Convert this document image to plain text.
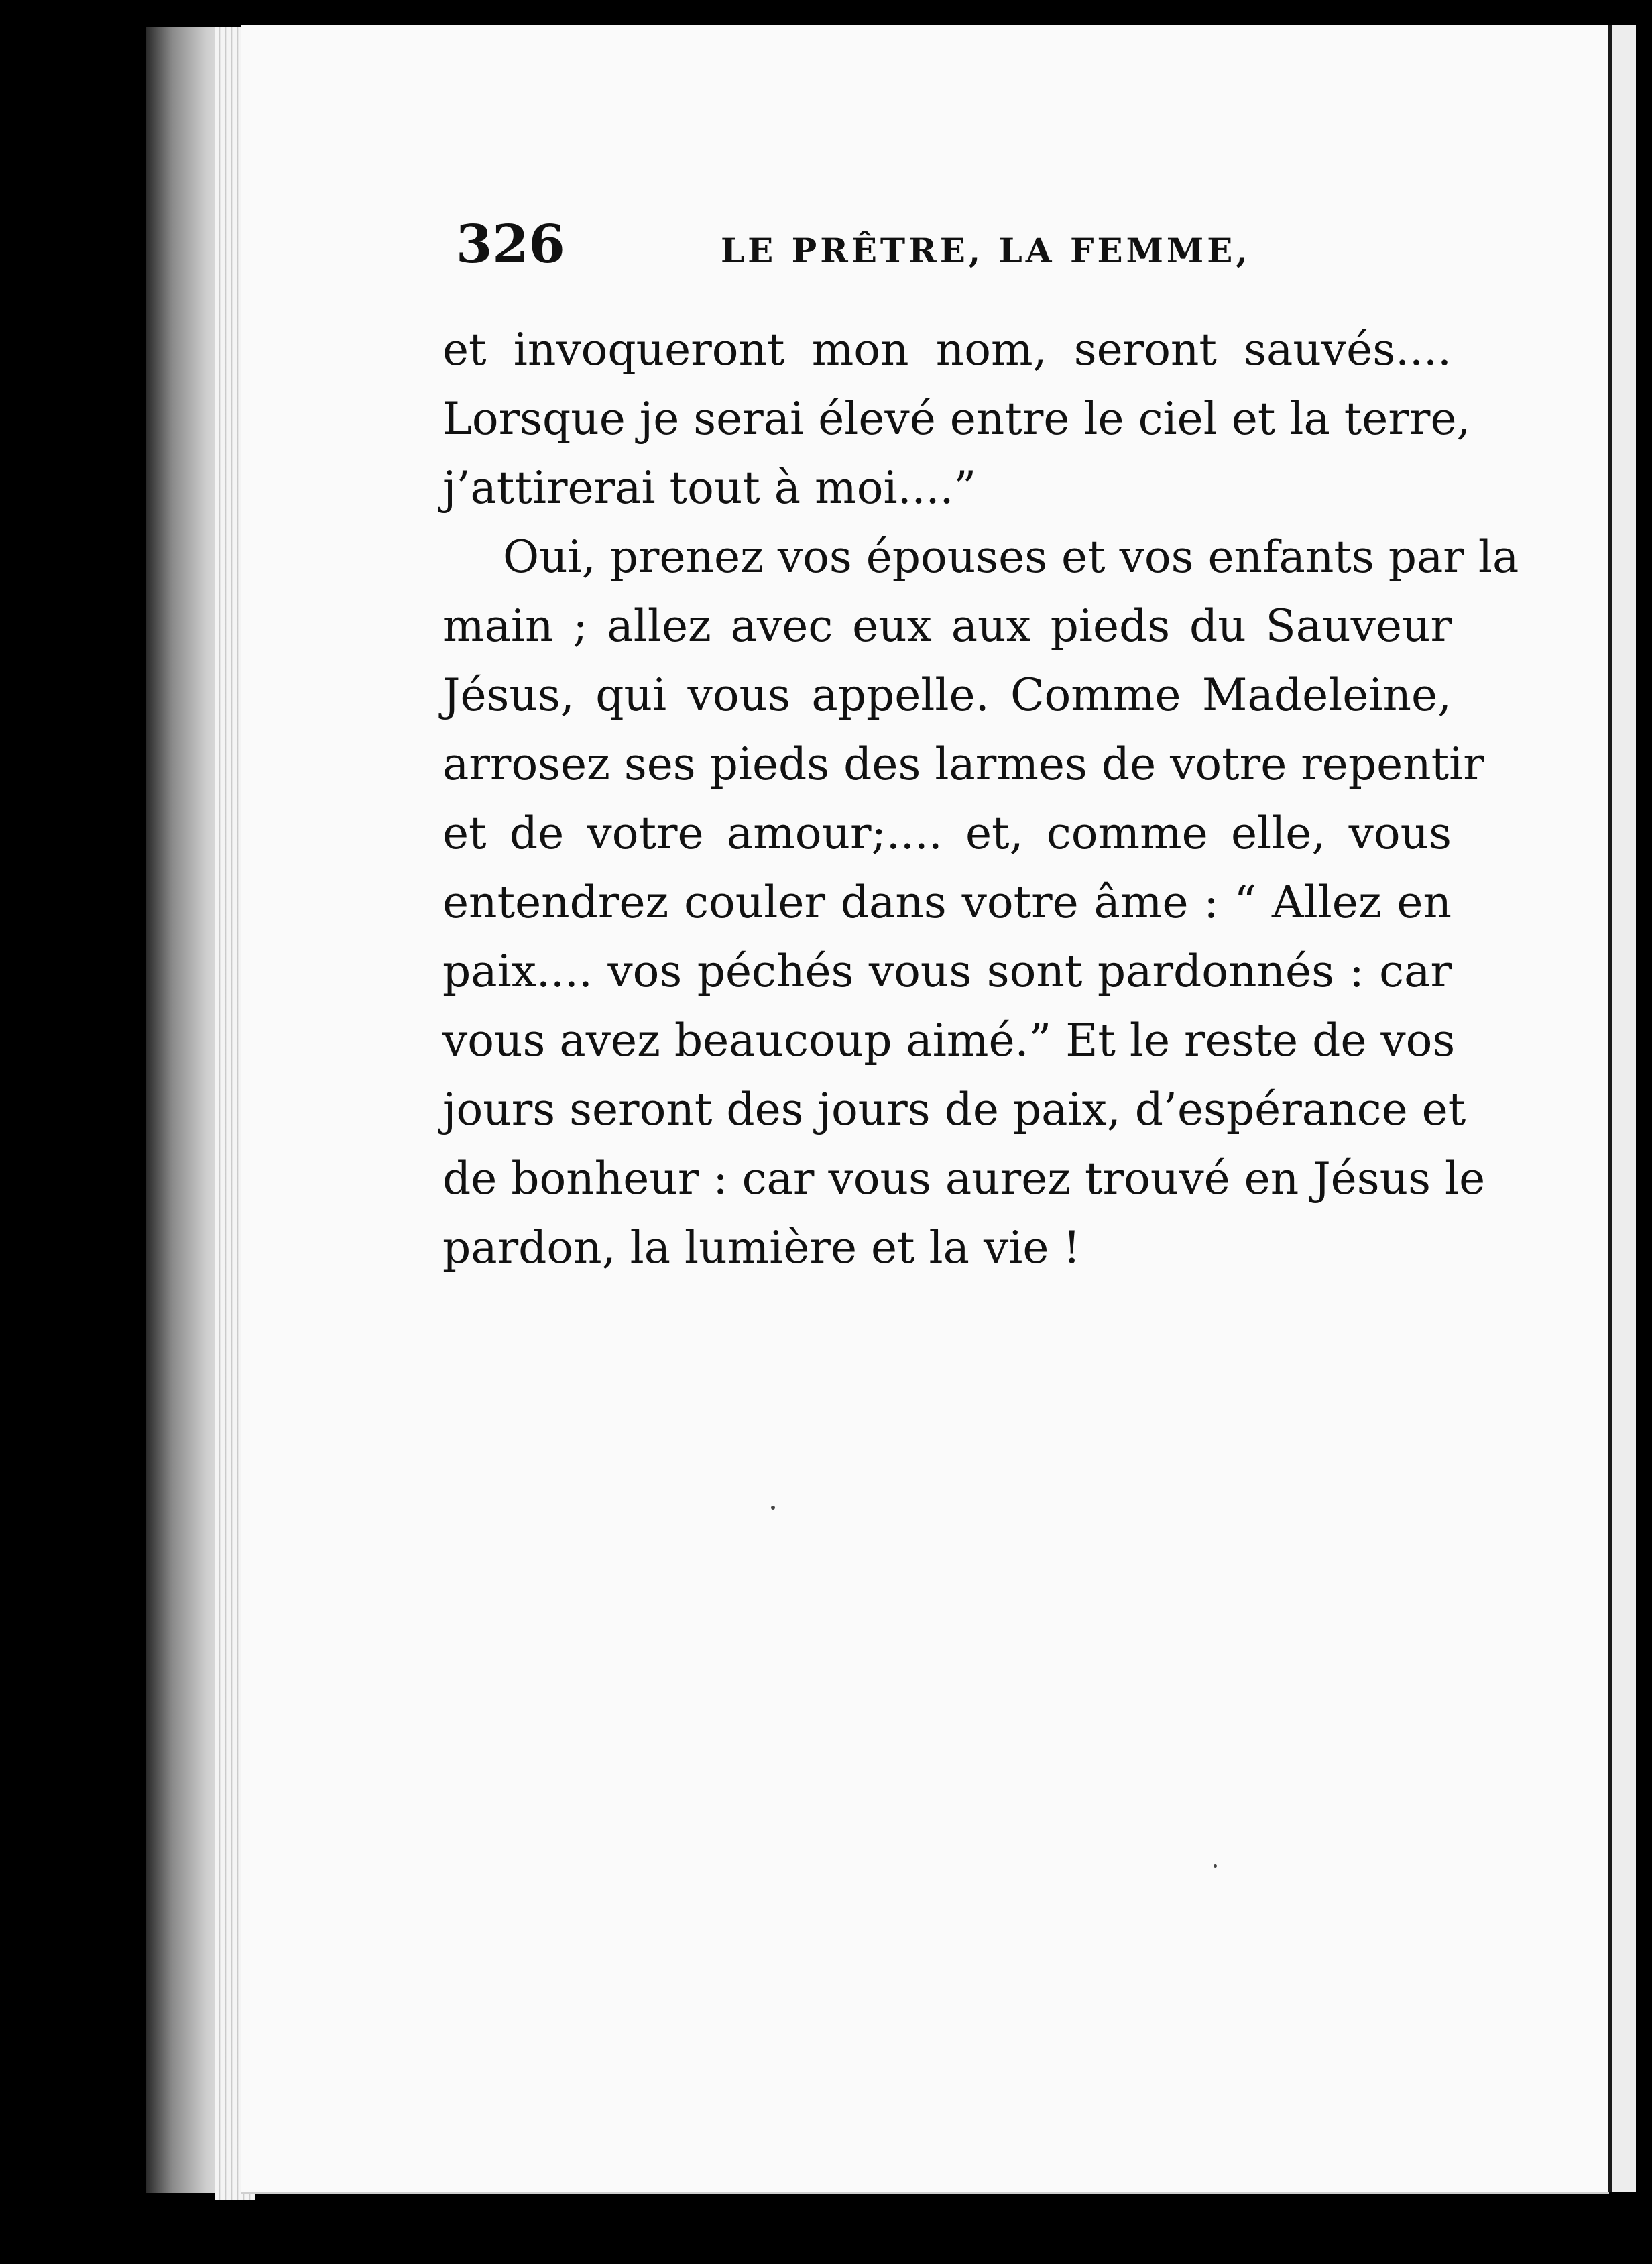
326	LE PRÊTRE, LA FEMME,
et invoqueront mon nom, seront sauvés....
Lorsque je serai élevé entre le ciel et la terre,
j’attirerai tout à moi....”
Oui, prenez vos épouses et vos enfants par la
main ; allez avec eux aux pieds du Sauveur
Jésus, qui vous appelle. Comme Madeleine,
arrosez ses pieds des larmes de votre repentir
et de votre amour;.... et, comme elle, vous
entendrez couler dans votre âme : “ Allez en
paix.... vos péchés vous sont pardonnés : car
vous avez beaucoup aimé.” Et le reste de vos
jours seront des jours de paix, d’espérance et
de bonheur : car vous aurez trouvé en Jésus le
pardon, la lumière et la vie !
